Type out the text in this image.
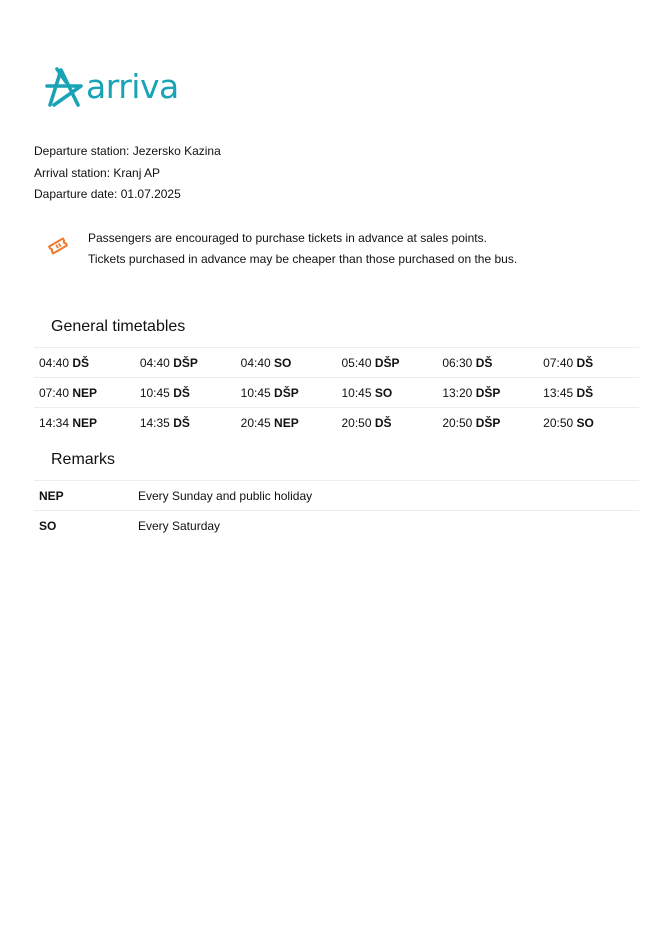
arriva
Departure station: Jezersko Kazina
Arrival station: Kranj AP
Daparture date: 01.07.2025
Passengers are encouraged to purchase tickets in advance at sales points.
Tickets purchased in advance may be cheaper than those purchased on the bus.
General timetables
04:40 DŠ	04:40 DŠP	04:40 SO	05:40 DŠP	06:30 DŠ	07:40 DŠ
07:40 NEP	10:45 DŠ	10:45 DŠP	10:45 SO	13:20 DŠP	13:45 DŠ
14:34 NEP	14:35 DŠ	20:45 NEP	20:50 DŠ	20:50 DŠP	20:50 SO
Remarks
NEP	Every Sunday and public holiday
SO	Every Saturday
